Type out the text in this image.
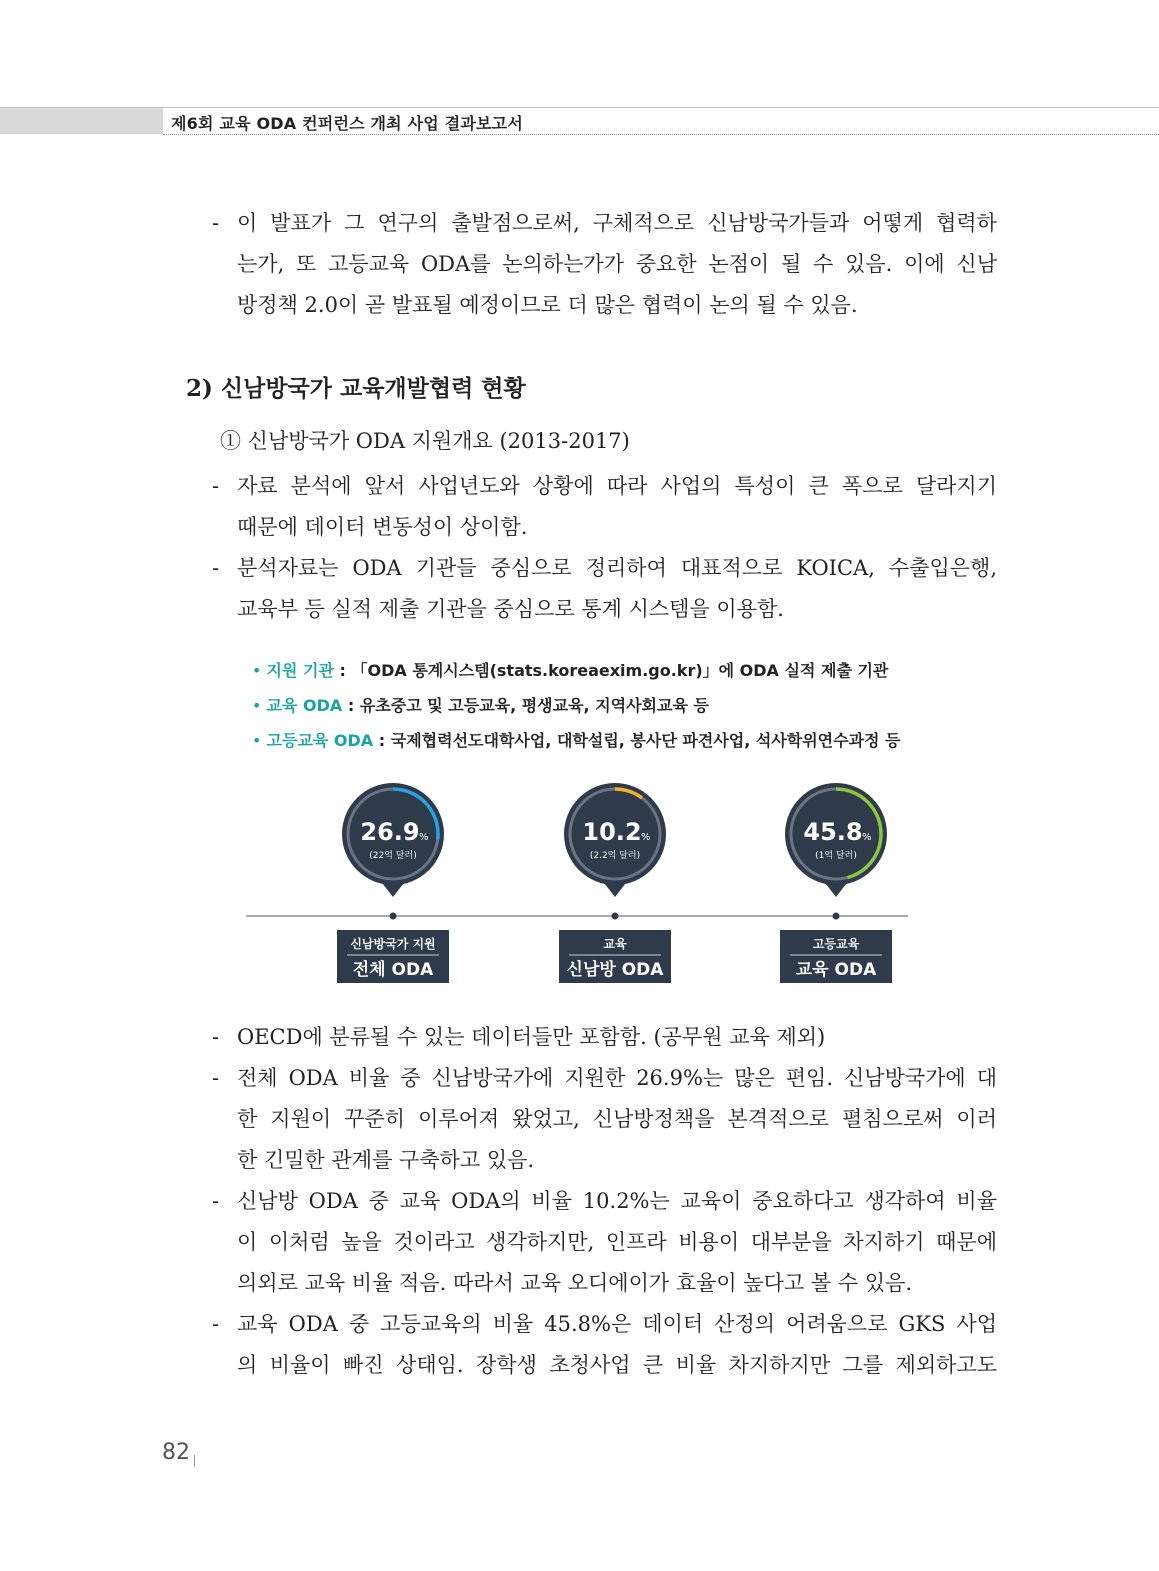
제6회 교육 ODA 컨퍼런스 개최 사업 결과보고서
- 이 발표가 그 연구의 출발점으로써, 구체적으로 신남방국가들과 어떻게 협력하
는가, 또 고등교육 ODA를 논의하는가가 중요한 논점이 될 수 있음. 이에 신남
방정책 2.0이 곧 발표될 예정이므로 더 많은 협력이 논의 될 수 있음.
2) 신남방국가 교육개발협력 현황
① 신남방국가 ODA 지원개요 (2013-2017)
- 자료 분석에 앞서 사업년도와 상황에 따라 사업의 특성이 큰 폭으로 달라지기
때문에 데이터 변동성이 상이함.
- 분석자료는 ODA 기관들 중심으로 정리하여 대표적으로 KOICA, 수출입은행,
교육부 등 실적 제출 기관을 중심으로 통계 시스템을 이용함.
• 지원 기관 : 「ODA 통계시스템(stats.koreaexim.go.kr)」에 ODA 실적 제출 기관
• 교육 ODA : 유초중고 및 고등교육, 평생교육, 지역사회교육 등
• 고등교육 ODA : 국제협력선도대학사업, 대학설립, 봉사단 파견사업, 석사학위연수과정 등
26.9 %
(22억 달러)
신남방국가 지원
전체 ODA
10.2 %
(2.2억 달러)
교육
신남방 ODA
45.8 %
(1억 달러)
고등교육
교육 ODA
- OECD에 분류될 수 있는 데이터들만 포함함. (공무원 교육 제외)
- 전체 ODA 비율 중 신남방국가에 지원한 26.9%는 많은 편임. 신남방국가에 대
한 지원이 꾸준히 이루어져 왔었고, 신남방정책을 본격적으로 펼침으로써 이러
한 긴밀한 관계를 구축하고 있음.
- 신남방 ODA 중 교육 ODA의 비율 10.2%는 교육이 중요하다고 생각하여 비율
이 이처럼 높을 것이라고 생각하지만, 인프라 비용이 대부분을 차지하기 때문에
의외로 교육 비율 적음. 따라서 교육 오디에이가 효율이 높다고 볼 수 있음.
- 교육 ODA 중 고등교육의 비율 45.8%은 데이터 산정의 어려움으로 GKS 사업
의 비율이 빠진 상태임. 장학생 초청사업 큰 비율 차지하지만 그를 제외하고도
82
